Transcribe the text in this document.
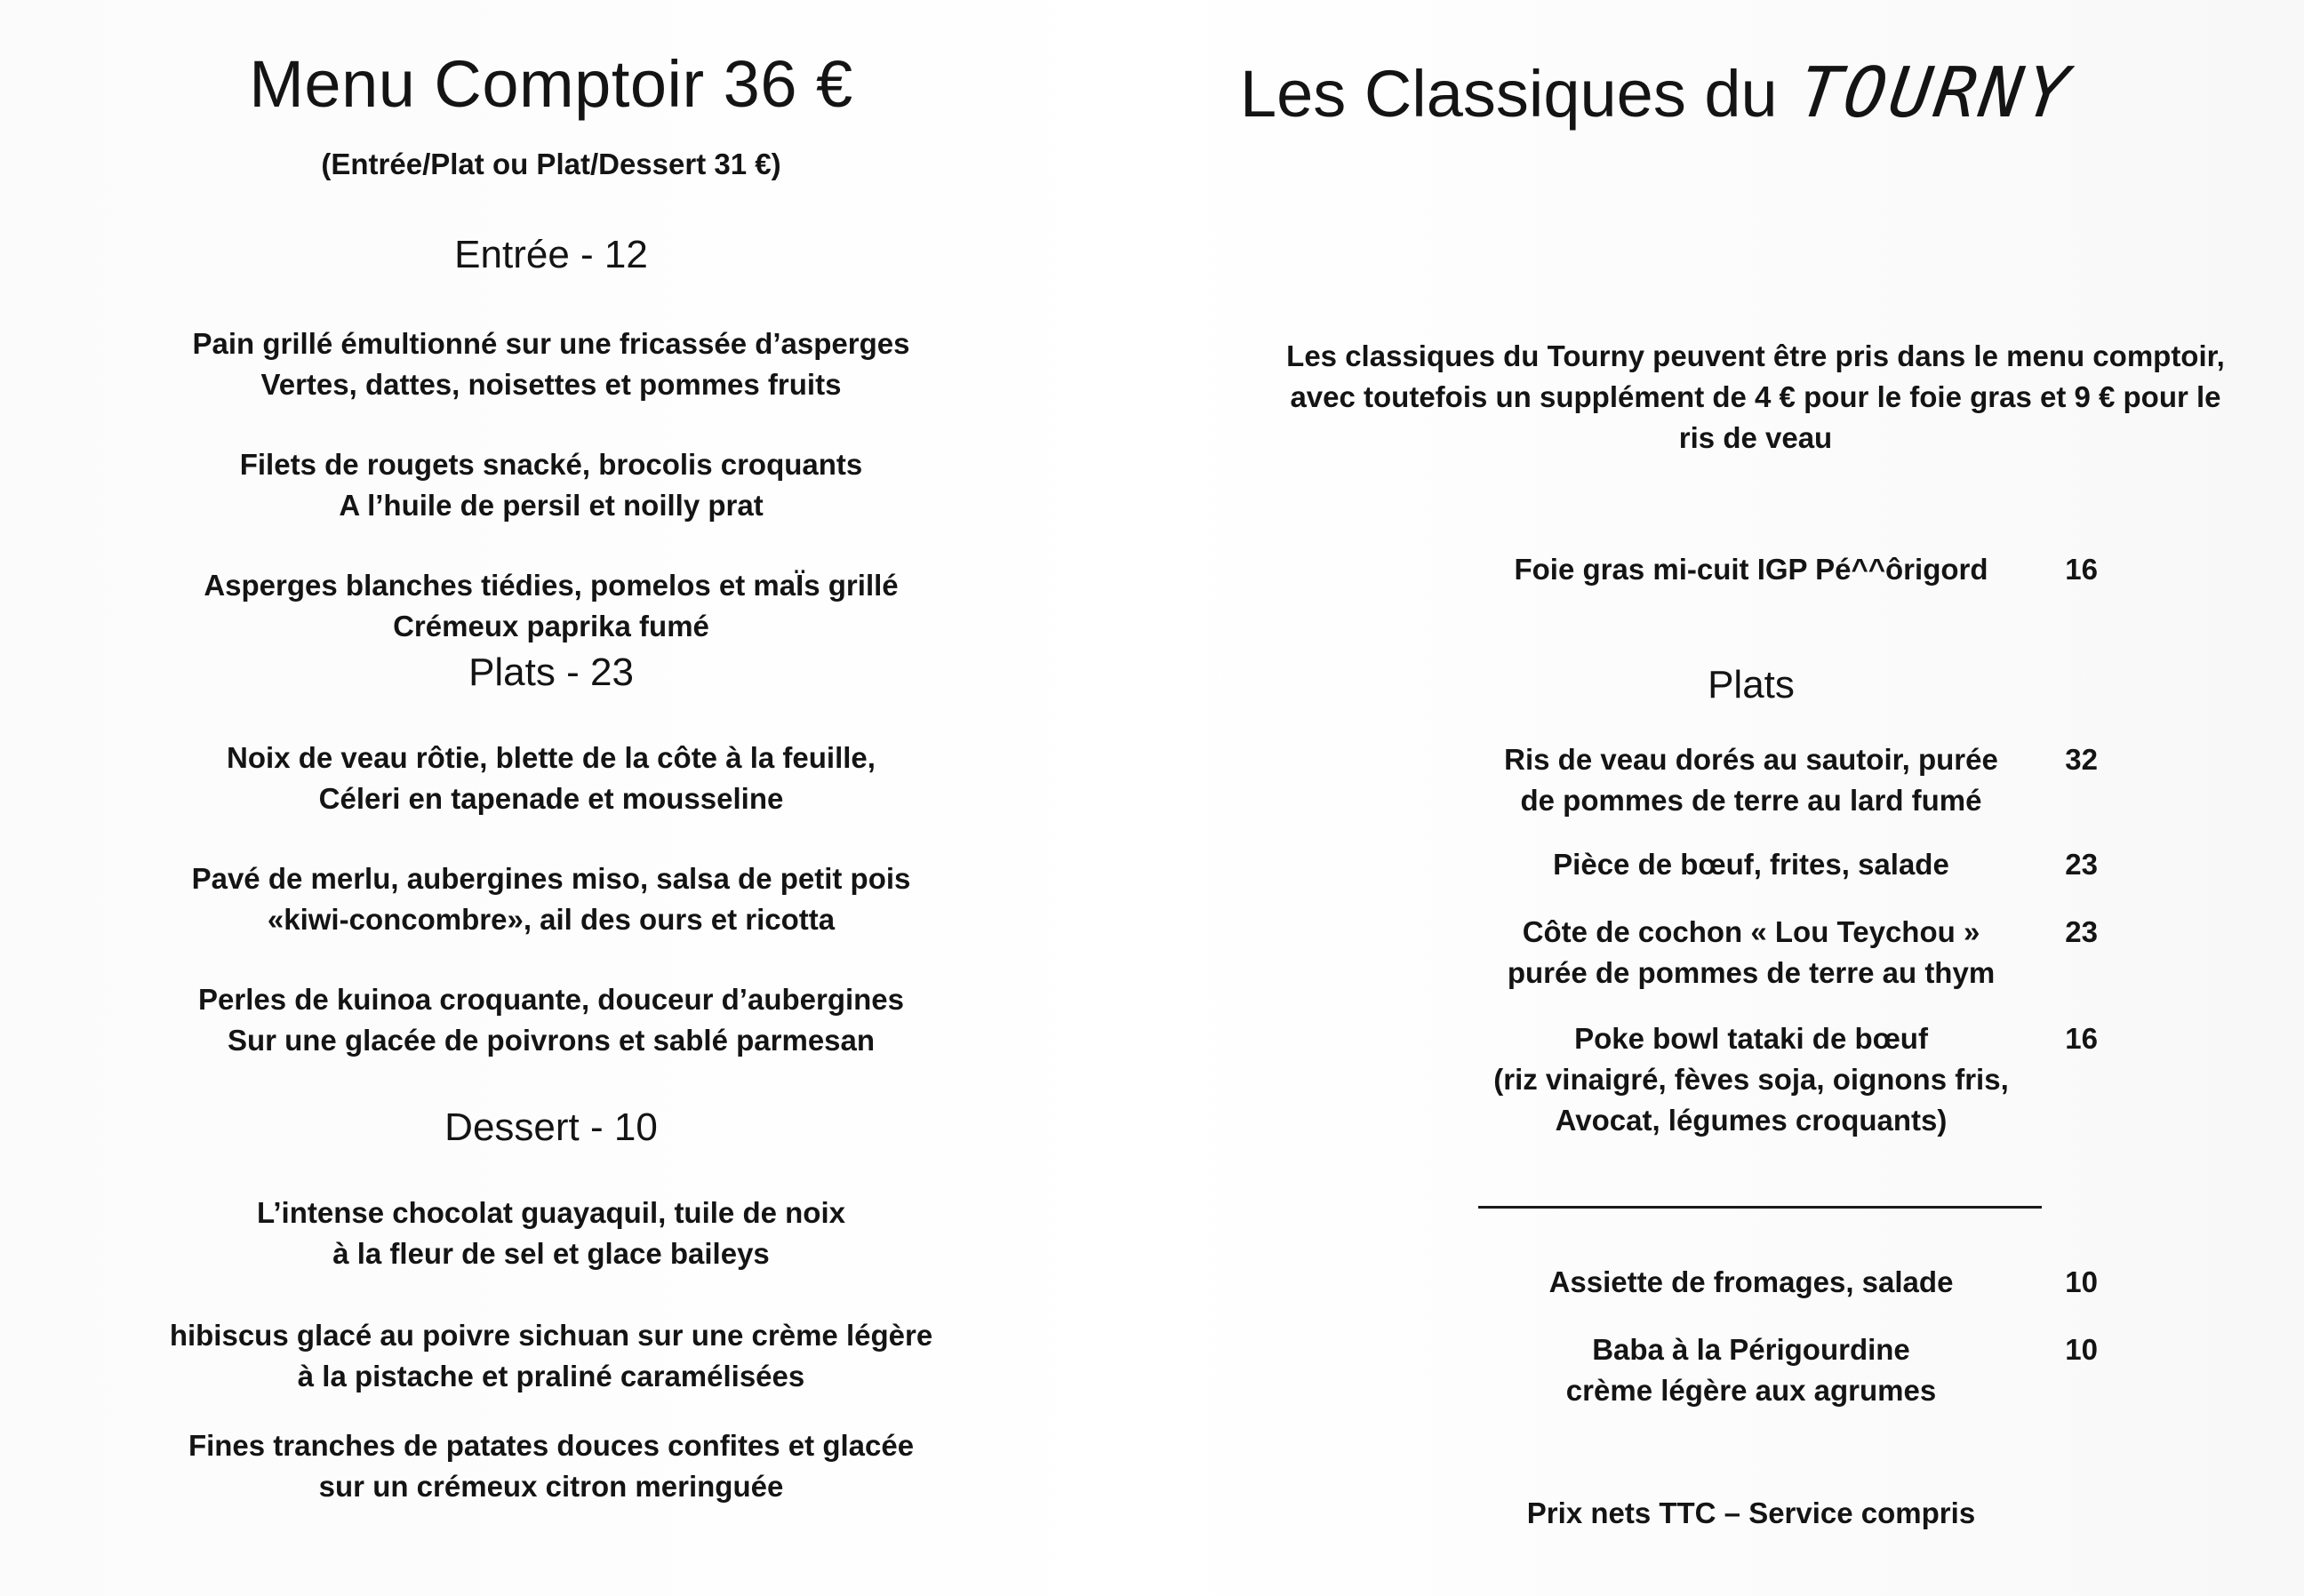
Menu Comptoir 36 €
(Entrée/Plat ou Plat/Dessert 31 €)
Entrée - 12
Pain grillé émultionné sur une fricassée d’asperges
Vertes, dattes, noisettes et pommes fruits
Filets de rougets snacké, brocolis croquants
A l’huile de persil et noilly prat
Asperges blanches tiédies, pomelos et maÏs grillé
Crémeux paprika fumé
Plats - 23
Noix de veau rôtie, blette de la côte à la feuille,
Céleri en tapenade et mousseline
Pavé de merlu, aubergines miso, salsa de petit pois
«kiwi-concombre», ail des ours et ricotta
Perles de kuinoa croquante, douceur d’aubergines
Sur une glacée de poivrons et sablé parmesan
Dessert - 10
L’intense chocolat guayaquil, tuile de noix
à la fleur de sel et glace baileys
hibiscus glacé au poivre sichuan sur une crème légère
à la pistache et praliné caramélisées
Fines tranches de patates douces confites et glacée
sur un crémeux citron meringuée
Les Classiques du TOURNY
Les classiques du Tourny peuvent être pris dans le menu comptoir, avec toutefois un supplément de 4 € pour le foie gras et 9 € pour le ris de veau
Foie gras mi-cuit IGP Pé^^ôrigord	16
Plats
Ris de veau dorés au sautoir, purée
de pommes de terre au lard fumé
32
Pièce de bœuf, frites, salade	23
Côte de cochon « Lou Teychou »
purée de pommes de terre au thym
23
Poke bowl tataki de bœuf
(riz vinaigré, fèves soja, oignons fris,
Avocat, légumes croquants)
16
Assiette de fromages, salade	10
Baba à la Périgourdine
crème légère aux agrumes
10
Prix nets TTC – Service compris
